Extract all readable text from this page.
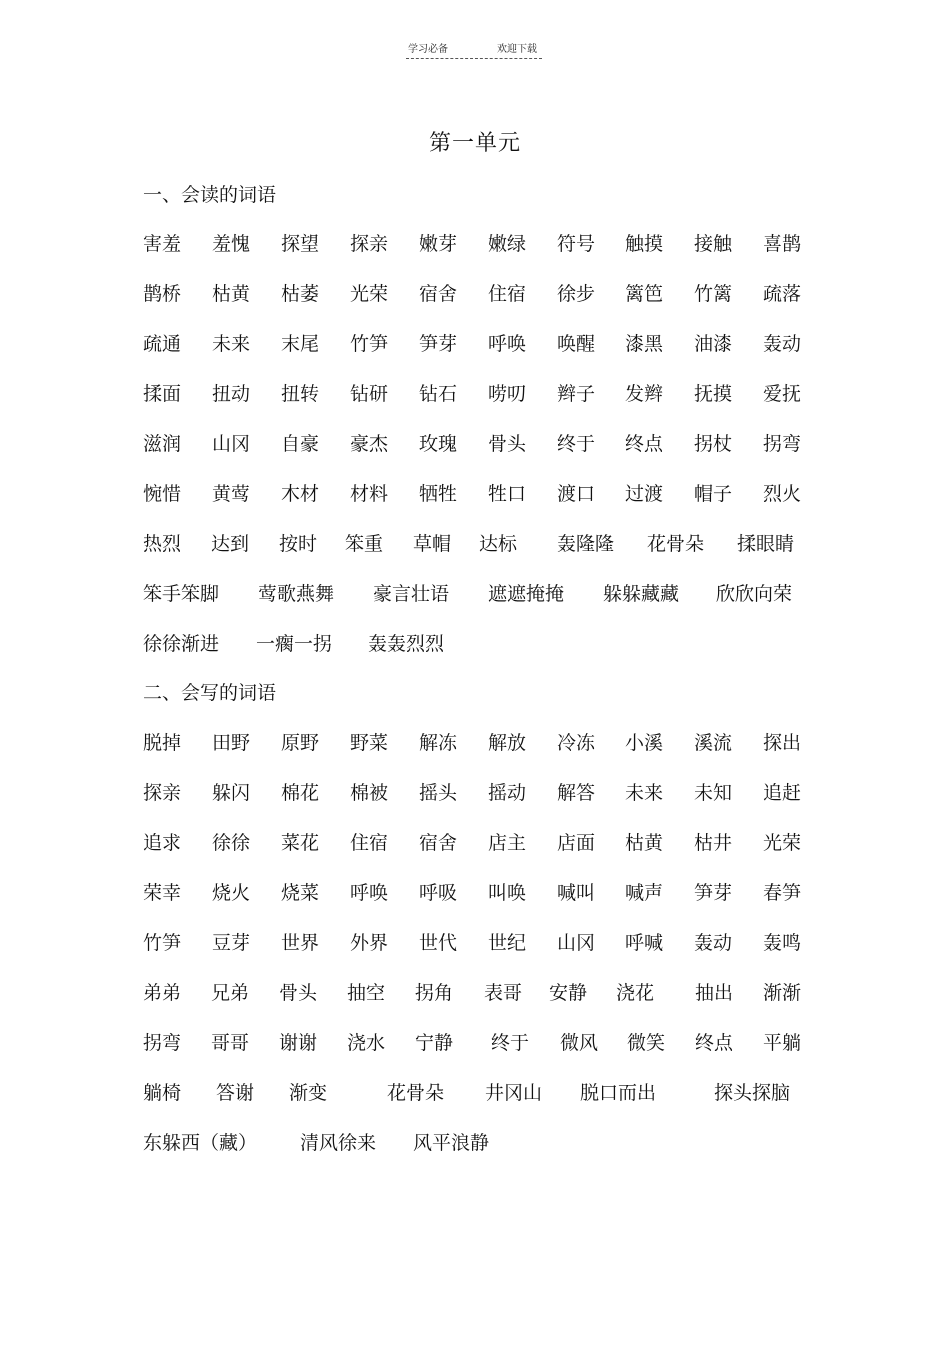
学习必备	欢迎下载
第一单元
一、会读的词语
害羞 羞愧 探望 探亲 嫩芽 嫩绿 符号 触摸 接触 喜鹊
鹊桥 枯黄 枯萎 光荣 宿舍 住宿 徐步 篱笆 竹篱 疏落
疏通 未来 末尾 竹笋 笋芽 呼唤 唤醒 漆黑 油漆 轰动
揉面 扭动 扭转 钻研 钻石 唠叨 辫子 发辫 抚摸 爱抚
滋润 山冈 自豪 豪杰 玫瑰 骨头 终于 终点 拐杖 拐弯
惋惜 黄莺 木材 材料 牺牲 牲口 渡口 过渡 帽子 烈火
热烈 达到 按时 笨重 草帽 达标 轰隆隆 花骨朵 揉眼睛
笨手笨脚 莺歌燕舞 豪言壮语 遮遮掩掩 躲躲藏藏 欣欣向荣
徐徐渐进 一瘸一拐 轰轰烈烈
二、会写的词语
脱掉 田野 原野 野菜 解冻 解放 冷冻 小溪 溪流 探出
探亲 躲闪 棉花 棉被 摇头 摇动 解答 未来 未知 追赶
追求 徐徐 菜花 住宿 宿舍 店主 店面 枯黄 枯井 光荣
荣幸 烧火 烧菜 呼唤 呼吸 叫唤 喊叫 喊声 笋芽 春笋
竹笋 豆芽 世界 外界 世代 世纪 山冈 呼喊 轰动 轰鸣
弟弟 兄弟 骨头 抽空 拐角 表哥 安静 浇花 抽出 渐渐
拐弯 哥哥 谢谢 浇水 宁静 终于 微风 微笑 终点 平躺
躺椅 答谢 渐变	花骨朵 井冈山 脱口而出	探头探脑
东躲西（藏） 清风徐来 风平浪静
